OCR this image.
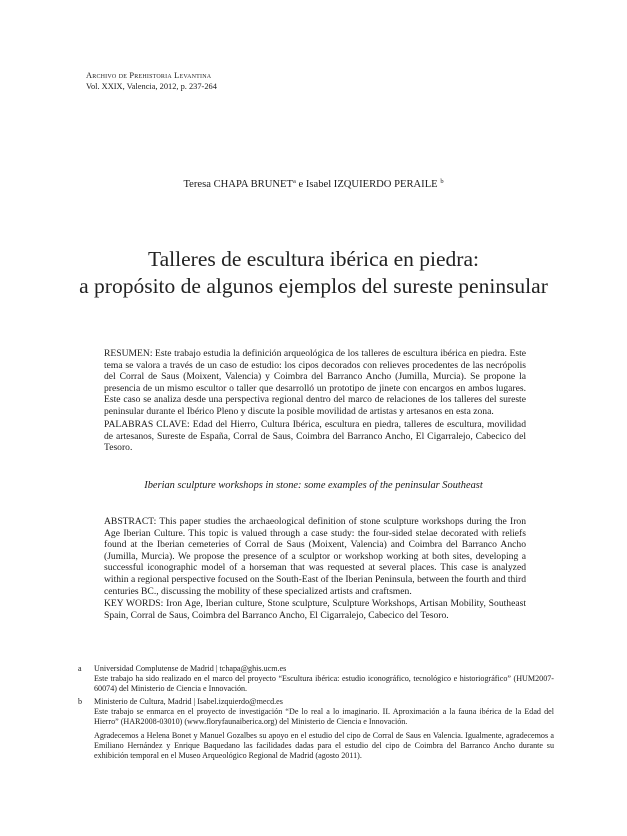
Archivo de Prehistoria Levantina
Vol. XXIX, Valencia, 2012, p. 237-264
Teresa CHAPA BRUNET$^a$ e Isabel IZQUIERDO PERAILE $^b$
Talleres de escultura ibérica en piedra:
a propósito de algunos ejemplos del sureste peninsular
RESUMEN: Este trabajo estudia la definición arqueológica de los talleres de escultura ibérica en piedra. Este tema se valora a través de un caso de estudio: los cipos decorados con relieves procedentes de las necrópolis del Corral de Saus (Moixent, Valencia) y Coimbra del Barranco Ancho (Jumilla, Murcia). Se propone la presencia de un mismo escultor o taller que desarrolló un prototipo de jinete con encargos en ambos lugares. Este caso se analiza desde una perspectiva regional dentro del marco de relaciones de los talleres del sureste peninsular durante el Ibérico Pleno y discute la posible movilidad de artistas y artesanos en esta zona.
PALABRAS CLAVE: Edad del Hierro, Cultura Ibérica, escultura en piedra, talleres de escultura, movilidad de artesanos, Sureste de España, Corral de Saus, Coimbra del Barranco Ancho, El Cigarralejo, Cabecico del Tesoro.
Iberian sculpture workshops in stone: some examples of the peninsular Southeast
ABSTRACT: This paper studies the archaeological definition of stone sculpture workshops during the Iron Age Iberian Culture. This topic is valued through a case study: the four-sided stelae decorated with reliefs found at the Iberian cemeteries of Corral de Saus (Moixent, Valencia) and Coimbra del Barranco Ancho (Jumilla, Murcia). We propose the presence of a sculptor or workshop working at both sites, developing a successful iconographic model of a horseman that was requested at several places. This case is analyzed within a regional perspective focused on the South-East of the Iberian Peninsula, between the fourth and third centuries BC., discussing the mobility of these specialized artists and craftsmen.
KEY WORDS: Iron Age, Iberian culture, Stone sculpture, Sculpture Workshops, Artisan Mobility, Southeast Spain, Corral de Saus, Coimbra del Barranco Ancho, El Cigarralejo, Cabecico del Tesoro.
a Universidad Complutense de Madrid | tchapa@ghis.ucm.es
Este trabajo ha sido realizado en el marco del proyecto “Escultura ibérica: estudio iconográfico, tecnológico e historiográfico” (HUM2007-60074) del Ministerio de Ciencia e Innovación.
b Ministerio de Cultura, Madrid | Isabel.izquierdo@mecd.es
Este trabajo se enmarca en el proyecto de investigación “De lo real a lo imaginario. II. Aproximación a la fauna ibérica de la Edad del Hierro” (HAR2008-03010) (www.floryfaunaiberica.org) del Ministerio de Ciencia e Innovación.
Agradecemos a Helena Bonet y Manuel Gozalbes su apoyo en el estudio del cipo de Corral de Saus en Valencia. Igualmente, agradecemos a Emiliano Hernández y Enrique Baquedano las facilidades dadas para el estudio del cipo de Coimbra del Barranco Ancho durante su exhibición temporal en el Museo Arqueológico Regional de Madrid (agosto 2011).
